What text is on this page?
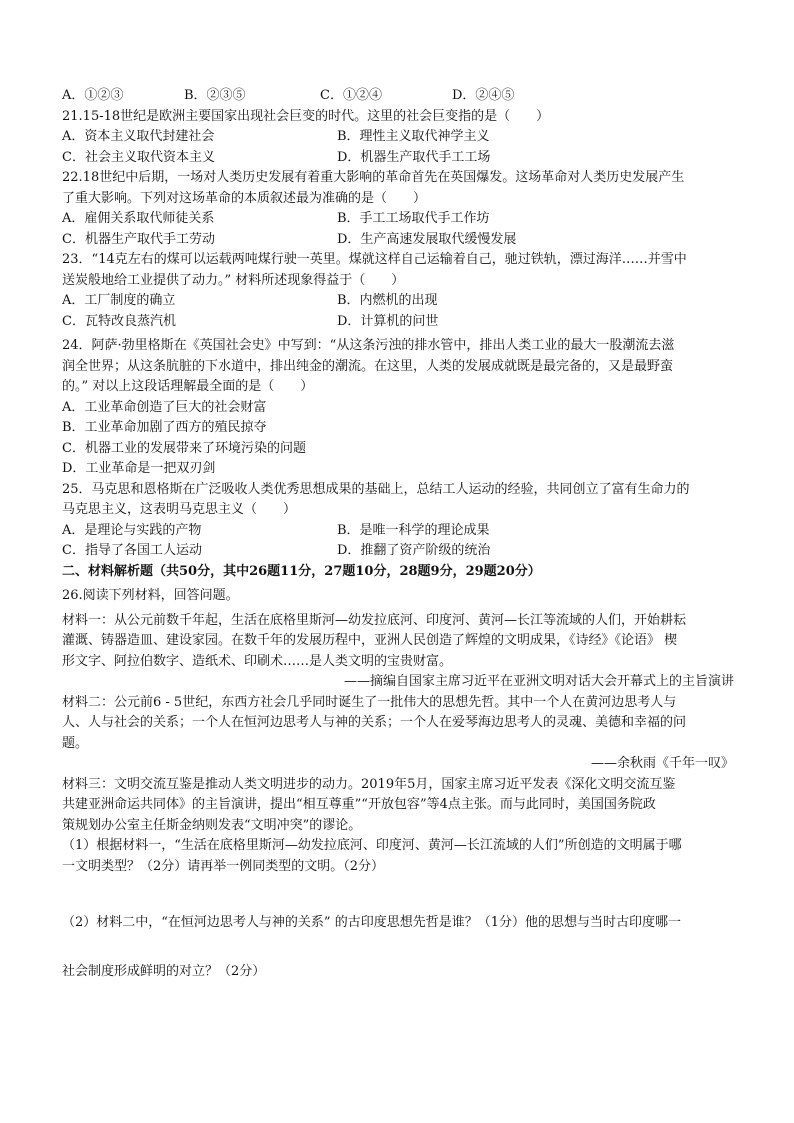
A．①②③	B．②③⑤	C．①②④	D．②④⑤
21.15-18世纪是欧洲主要国家出现社会巨变的时代。这里的社会巨变指的是（　　）
A．资本主义取代封建社会	B．理性主义取代神学主义
C．社会主义取代资本主义	D．机器生产取代手工工场
22.18世纪中后期，一场对人类历史发展有着重大影响的革命首先在英国爆发。这场革命对人类历史发展产生
了重大影响。下列对这场革命的本质叙述最为准确的是（　　）
A．雇佣关系取代师徒关系	B．手工工场取代手工作坊
C．机器生产取代手工劳动	D．生产高速发展取代缓慢发展
23．“14克左右的煤可以运载两吨煤行驶一英里。煤就这样自己运输着自己，驰过铁轨，漂过海洋……并雪中
送炭般地给工业提供了动力。” 材料所述现象得益于（　　）
A．工厂制度的确立	B．内燃机的出现
C．瓦特改良蒸汽机	D．计算机的问世
24．阿萨·勃里格斯在《英国社会史》中写到：“从这条污浊的排水管中，排出人类工业的最大一股潮流去滋
润全世界；从这条肮脏的下水道中，排出纯金的潮流。在这里，人类的发展成就既是最完备的，又是最野蛮
的。” 对以上这段话理解最全面的是（　　）
A．工业革命创造了巨大的社会财富
B．工业革命加剧了西方的殖民掠夺
C．机器工业的发展带来了环境污染的问题
D．工业革命是一把双刃剑
25．马克思和恩格斯在广泛吸收人类优秀思想成果的基础上，总结工人运动的经验，共同创立了富有生命力的
马克思主义，这表明马克思主义（　　）
A．是理论与实践的产物	B．是唯一科学的理论成果
C．指导了各国工人运动	D．推翻了资产阶级的统治
二、材料解析题（共50分，其中26题11分，27题10分，28题9分，29题20分）
26.阅读下列材料，回答问题。
材料一：从公元前数千年起，生活在底格里斯河—幼发拉底河、印度河、黄河—长江等流域的人们，开始耕耘
灌溉、铸器造皿、建设家园。在数千年的发展历程中，亚洲人民创造了辉煌的文明成果，《诗经》《论语》 楔
形文字、阿拉伯数字、造纸术、印刷术……是人类文明的宝贵财富。
——摘编自国家主席习近平在亚洲文明对话大会开幕式上的主旨演讲
材料二：公元前6 - 5世纪，东西方社会几乎同时诞生了一批伟大的思想先哲。其中一个人在黄河边思考人与
人、人与社会的关系；一个人在恒河边思考人与神的关系；一个人在爱琴海边思考人的灵魂、美德和幸福的问
题。
——余秋雨《千年一叹》
材料三：文明交流互鉴是推动人类文明进步的动力。2019年5月，国家主席习近平发表《深化文明交流互鉴
共建亚洲命运共同体》的主旨演讲，提出“相互尊重”“开放包容”等4点主张。而与此同时，美国国务院政
策规划办公室主任斯金纳则发表“文明冲突”的谬论。
（1）根据材料一，“生活在底格里斯河—幼发拉底河、印度河、黄河—长江流域的人们”所创造的文明属于哪
一文明类型？（2分）请再举一例同类型的文明。（2分）
（2）材料二中，“在恒河边思考人与神的关系” 的古印度思想先哲是谁？（1分）他的思想与当时古印度哪一
社会制度形成鲜明的对立？（2分）
